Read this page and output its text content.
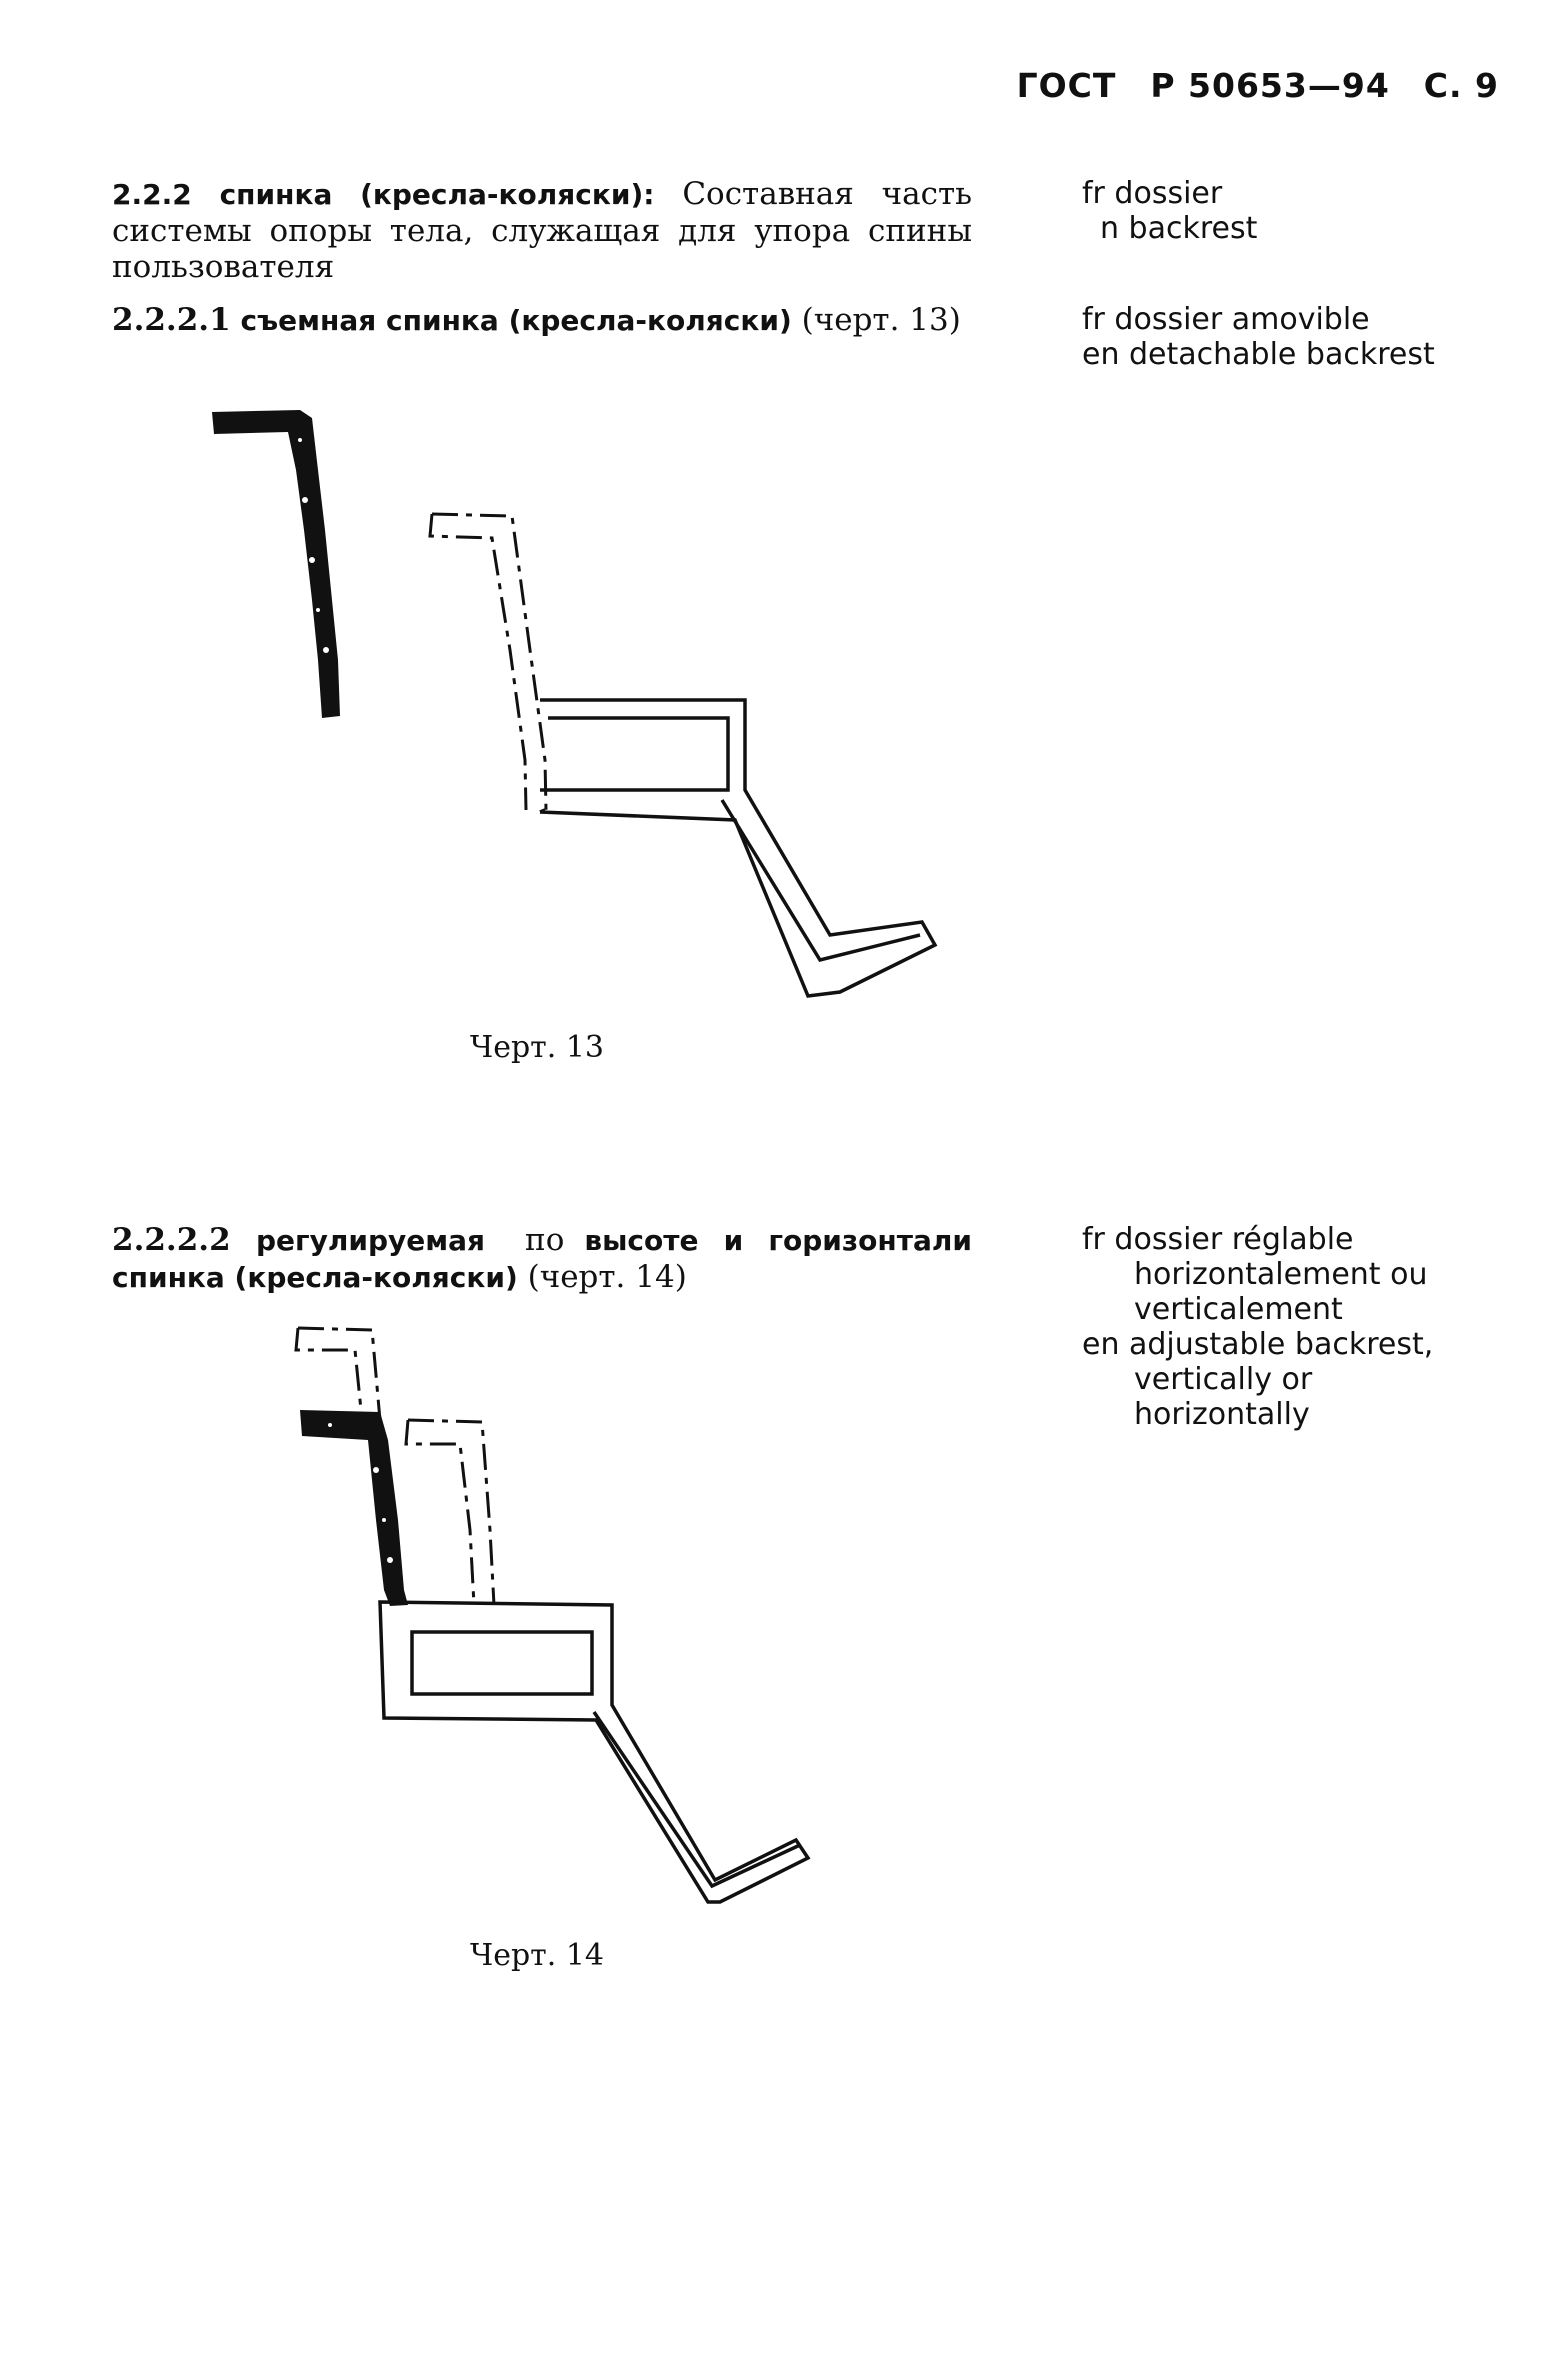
ГОСТ Р 50653—94 С. 9
2.2.2 спинка (кресла-коляски): Составная часть системы опоры тела, служащая для упора спины пользователя
fr dossier
n backrest
2.2.2.1 съемная спинка (кресла-коляски) (черт. 13)	fr dossier amovible
en detachable backrest
Черт. 13
2.2.2.2 регулируемая по высоте и горизонтали спинка (кресла-коляски) (черт. 14)
fr dossier réglable
horizontalement ou
verticalement
en adjustable backrest,
vertically or
horizontally
Черт. 14
